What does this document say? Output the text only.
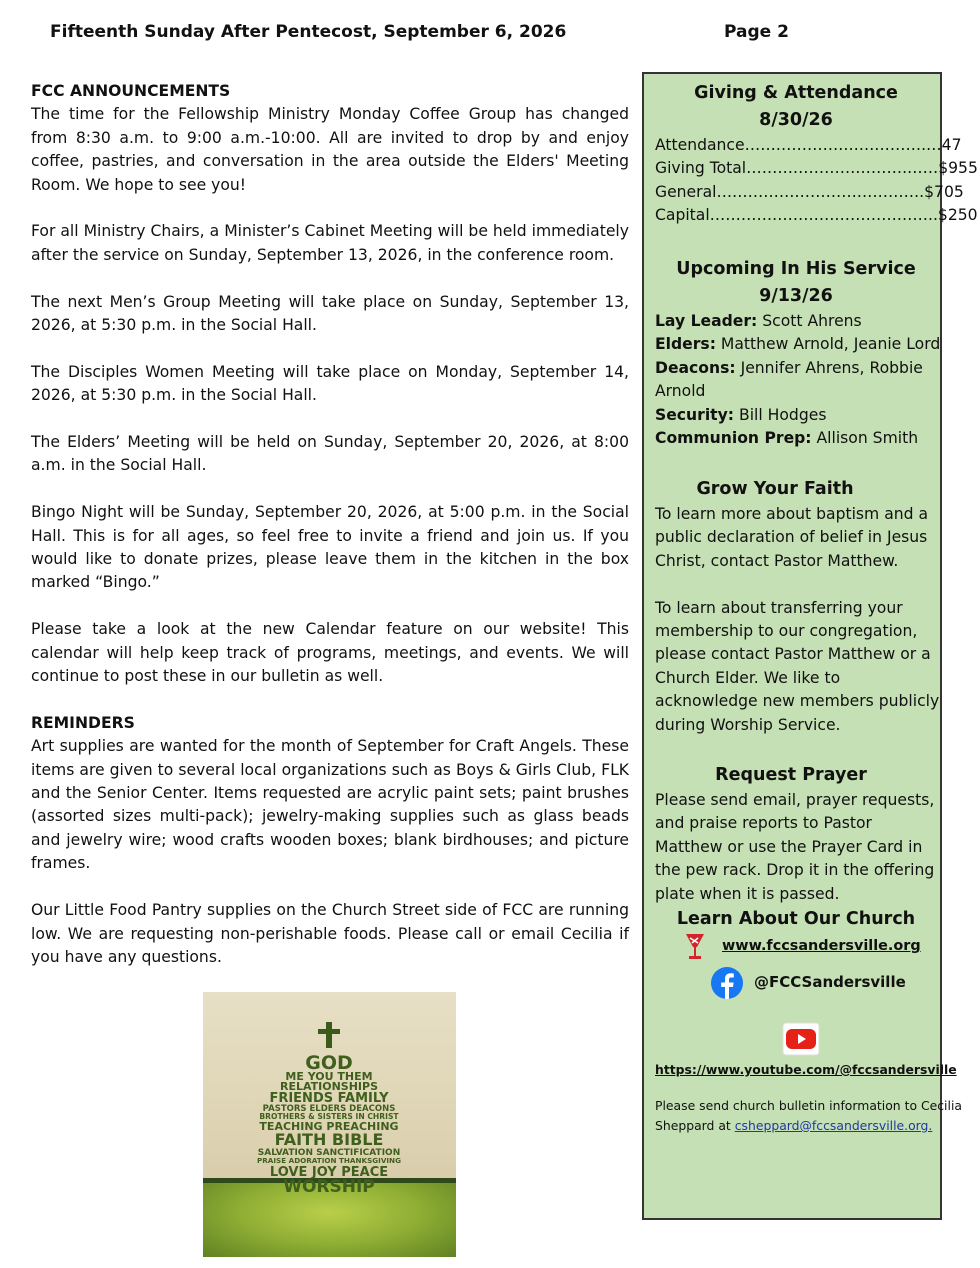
Fifteenth Sunday After Pentecost, September 6, 2026	Page 2

FCC ANNOUNCEMENTS

The time for the Fellowship Ministry Monday Coffee Group has changed from 8:30 a.m. to 9:00 a.m.-10:00. All are invited to drop by and enjoy coffee, pastries, and conversation in the area outside the Elders' Meeting Room. We hope to see you!

For all Ministry Chairs, a Minister’s Cabinet Meeting will be held immediately after the service on Sunday, September 13, 2026, in the conference room.

The next Men’s Group Meeting will take place on Sunday, September 13, 2026, at 5:30 p.m. in the Social Hall.

The Disciples Women Meeting will take place on Monday, September 14, 2026, at 5:30 p.m. in the Social Hall.

The Elders’ Meeting will be held on Sunday, September 20, 2026, at 8:00 a.m. in the Social Hall.

Bingo Night will be Sunday, September 20, 2026, at 5:00 p.m. in the Social Hall. This is for all ages, so feel free to invite a friend and join us. If you would like to donate prizes, please leave them in the kitchen in the box marked “Bingo.”

Please take a look at the new Calendar feature on our website! This calendar will help keep track of programs, meetings, and events. We will continue to post these in our bulletin as well.

REMINDERS

Art supplies are wanted for the month of September for Craft Angels. These items are given to several local organizations such as Boys & Girls Club, FLK and the Senior Center. Items requested are acrylic paint sets; paint brushes (assorted sizes multi-pack); jewelry-making supplies such as glass beads and jewelry wire; wood crafts wooden boxes; blank birdhouses; and picture frames.

Our Little Food Pantry supplies on the Church Street side of FCC are running low. We are requesting non-perishable foods. Please call or email Cecilia if you have any questions.

GOD
ME YOU THEM
RELATIONSHIPS
FRIENDS FAMILY
PASTORS ELDERS DEACONS
BROTHERS & SISTERS IN CHRIST
TEACHING PREACHING
FAITH BIBLE
SALVATION SANCTIFICATION
PRAISE ADORATION THANKSGIVING
LOVE JOY PEACE
WORSHIP
Giving & Attendance
8/30/26
Attendance………………….………….… 47
Giving Total………………………….…… $955
General…………………………………. $705
Capital…………………………………….. $250
Upcoming In His Service
9/13/26
Lay Leader: Scott Ahrens
Elders: Matthew Arnold, Jeanie Lord
Deacons: Jennifer Ahrens, Robbie
Arnold
Security: Bill Hodges
Communion Prep: Allison Smith
Grow Your Faith
To learn more about baptism and a
public declaration of belief in Jesus
Christ, contact Pastor Matthew.
To learn about transferring your
membership to our congregation,
please contact Pastor Matthew or a
Church Elder. We like to
acknowledge new members publicly
during Worship Service.
Request Prayer
Please send email, prayer requests,
and praise reports to Pastor
Matthew or use the Prayer Card in
the pew rack. Drop it in the offering
plate when it is passed.
Learn About Our Church
www.fccsandersville.org
@FCCSandersville
https://www.youtube.com/@fccsandersville
Please send church bulletin information to Cecilia
Sheppard at csheppard@fccsandersville.org.
